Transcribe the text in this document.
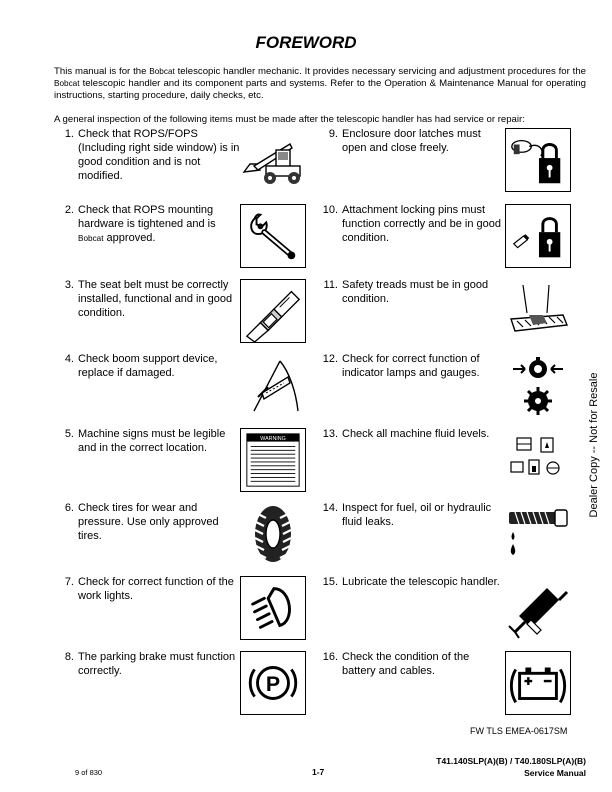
FOREWORD
This manual is for the Bobcat telescopic handler mechanic. It provides necessary servicing and adjustment procedures for the Bobcat telescopic handler and its component parts and systems. Refer to the Operation & Maintenance Manual for operating instructions, starting procedure, daily checks, etc.
A general inspection of the following items must be made after the telescopic handler has had service or repair:
1. Check that ROPS/FOPS (Including right side window) is in good condition and is not modified.
2. Check that ROPS mounting hardware is tightened and is Bobcat approved.
3. The seat belt must be correctly installed, functional and in good condition.
4. Check boom support device, replace if damaged.
5. Machine signs must be legible and in the correct location.
6. Check tires for wear and pressure. Use only approved tires.
7. Check for correct function of the work lights.
8. The parking brake must function correctly.
9. Enclosure door latches must open and close freely.
10. Attachment locking pins must function correctly and be in good condition.
11. Safety treads must be in good condition.
12. Check for correct function of indicator lamps and gauges.
13. Check all machine fluid levels.
14. Inspect for fuel, oil or hydraulic fluid leaks.
15. Lubricate the telescopic handler.
16. Check the condition of the battery and cables.
WARNING
P
Dealer Copy -- Not for Resale
FW TLS EMEA-0617SM
9 of 830	1-7
T41.140SLP(A)(B) / T40.180SLP(A)(B)
Service Manual
